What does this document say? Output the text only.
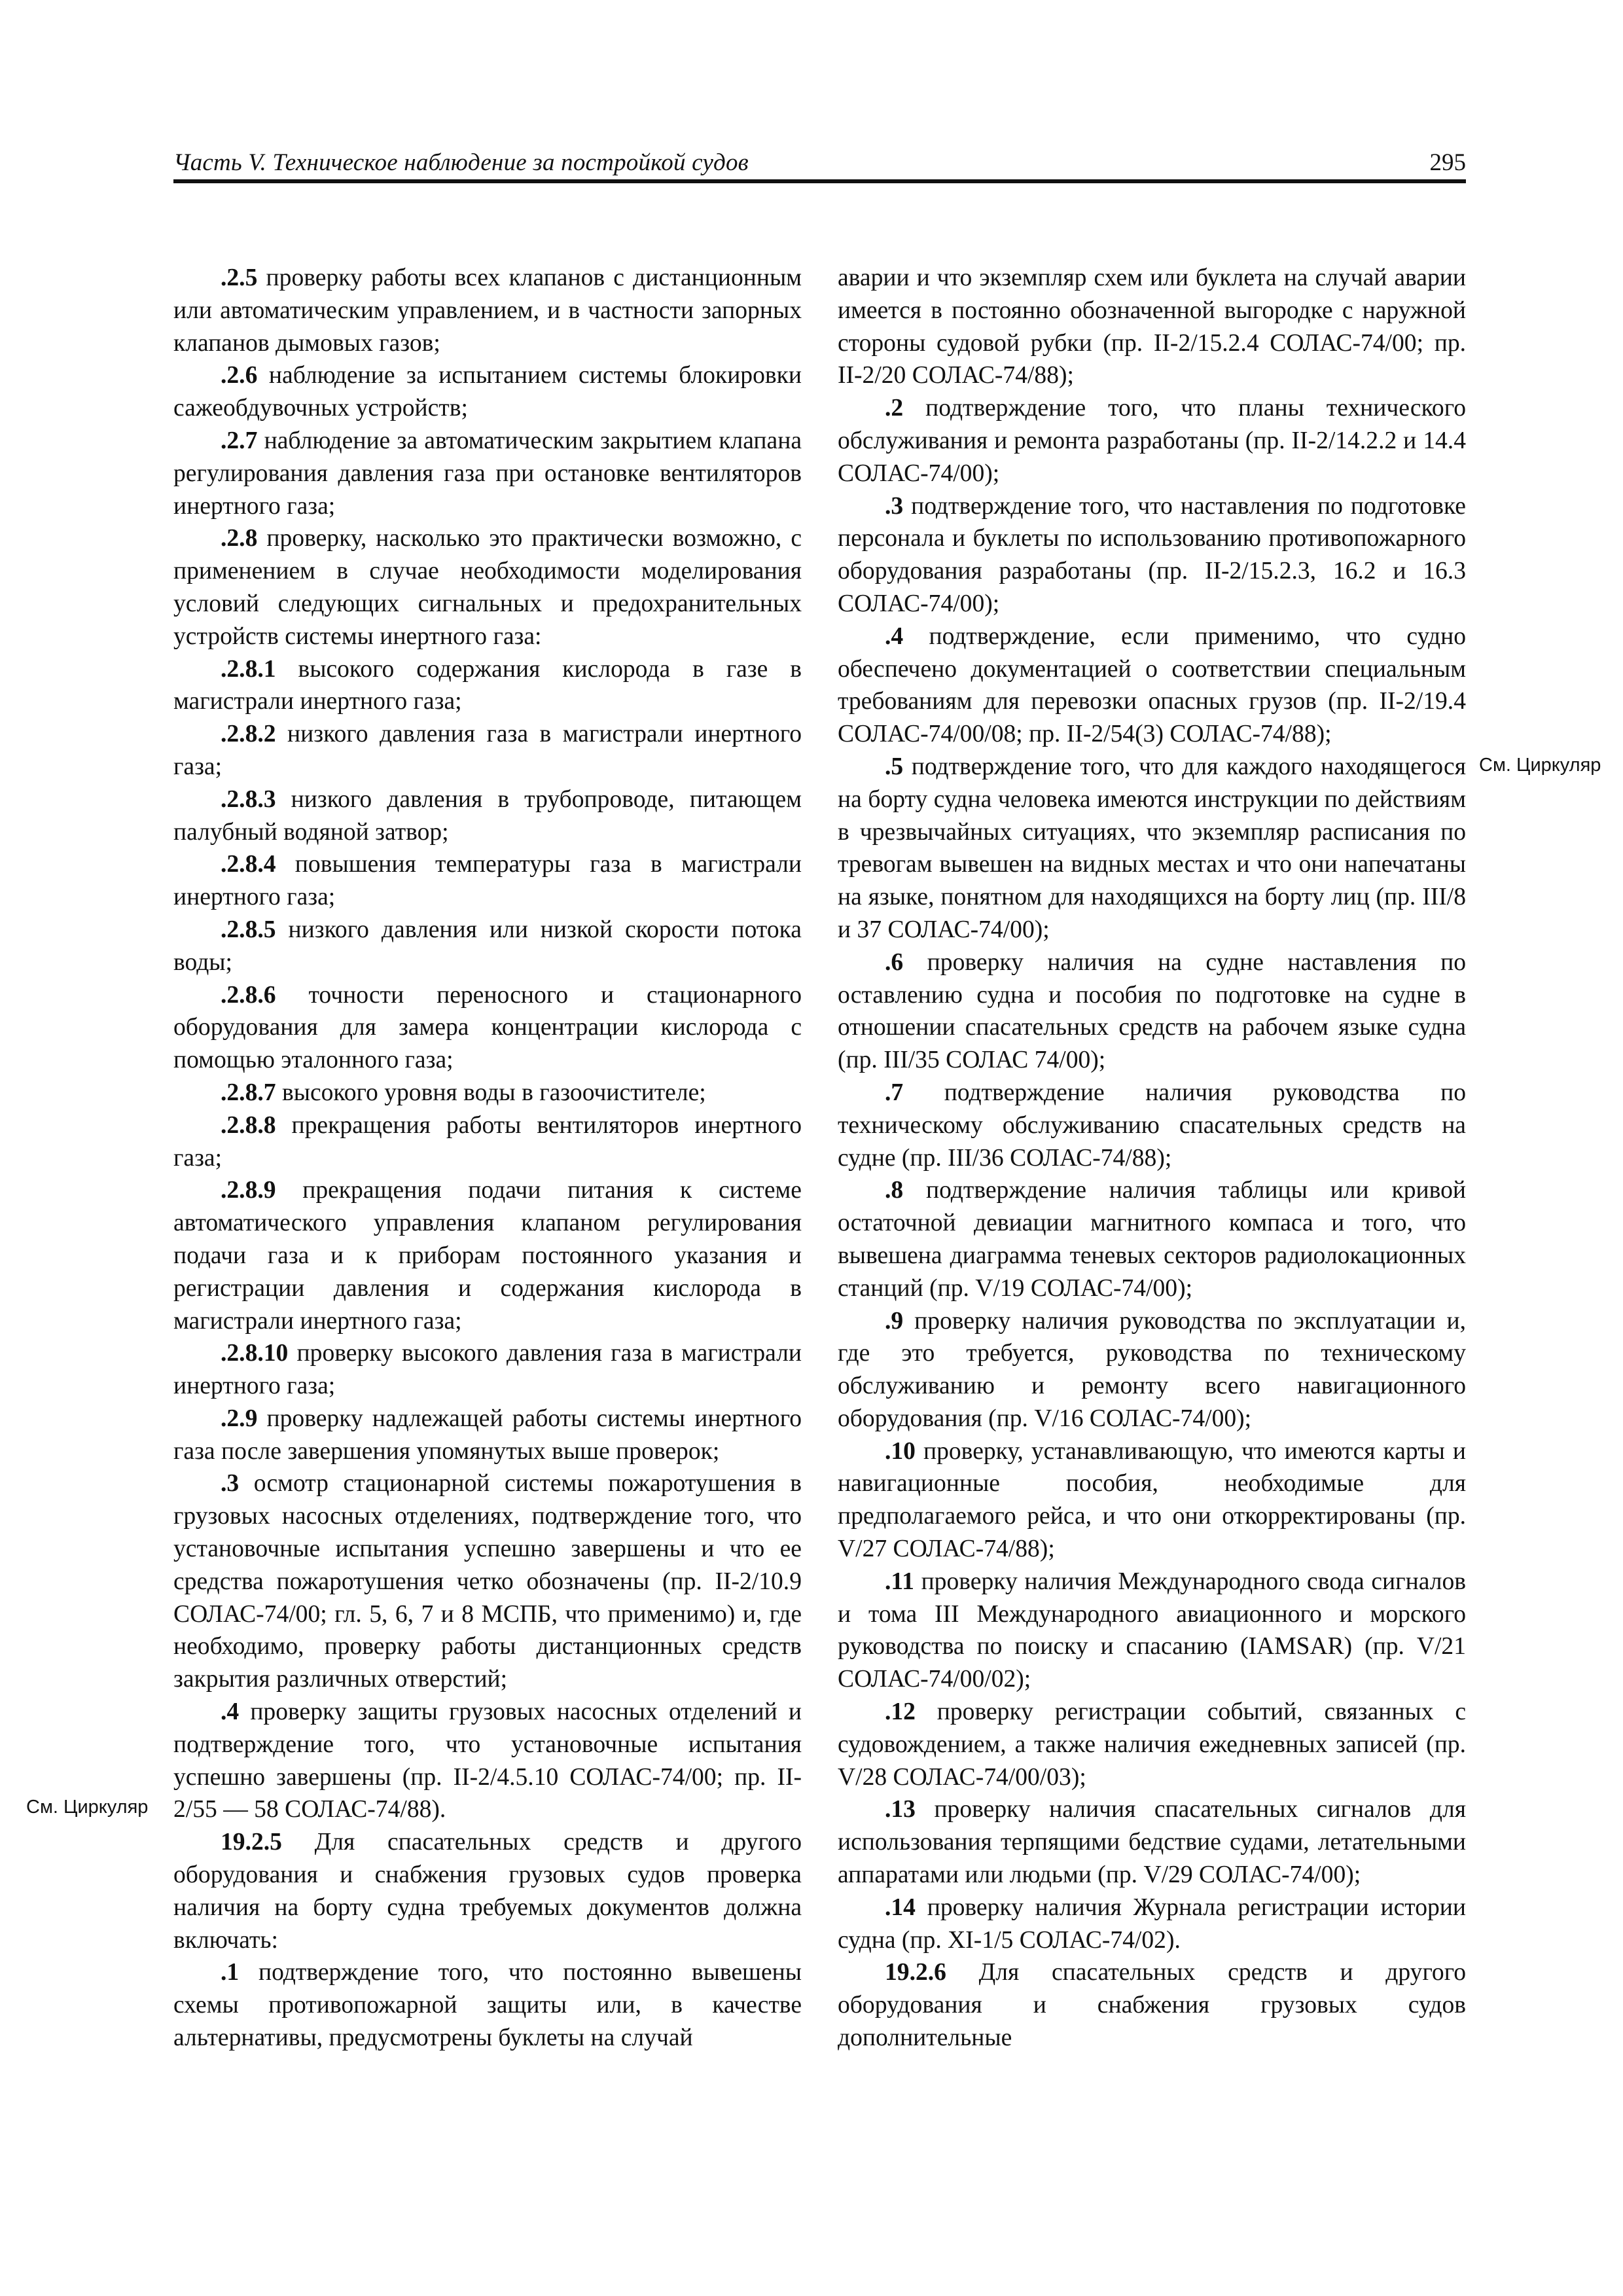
Часть V. Техническое наблюдение за постройкой судов	295

.2.5 проверку работы всех клапанов с дистанционным или автоматическим управлением, и в частности запорных клапанов дымовых газов;

.2.6 наблюдение за испытанием системы блокировки сажеобдувочных устройств;

.2.7 наблюдение за автоматическим закрытием клапана регулирования давления газа при остановке вентиляторов инертного газа;

.2.8 проверку, насколько это практически возможно, с применением в случае необходимости моделирования условий следующих сигнальных и предохранительных устройств системы инертного газа:

.2.8.1 высокого содержания кислорода в газе в магистрали инертного газа;

.2.8.2 низкого давления газа в магистрали инертного газа;

.2.8.3 низкого давления в трубопроводе, питающем палубный водяной затвор;

.2.8.4 повышения температуры газа в магистрали инертного газа;

.2.8.5 низкого давления или низкой скорости потока воды;

.2.8.6 точности переносного и стационарного оборудования для замера концентрации кислорода с помощью эталонного газа;

.2.8.7 высокого уровня воды в газоочистителе;

.2.8.8 прекращения работы вентиляторов инертного газа;

.2.8.9 прекращения подачи питания к системе автоматического управления клапаном регулирования подачи газа и к приборам постоянного указания и регистрации давления и содержания кислорода в магистрали инертного газа;

.2.8.10 проверку высокого давления газа в магистрали инертного газа;

.2.9 проверку надлежащей работы системы инертного газа после завершения упомянутых выше проверок;

.3 осмотр стационарной системы пожаротушения в грузовых насосных отделениях, подтверждение того, что установочные испытания успешно завершены и что ее средства пожаротушения четко обозначены (пр. II-2/10.9 СОЛАС-74/00; гл. 5, 6, 7 и 8 МСПБ, что применимо) и, где необходимо, проверку работы дистанционных средств закрытия различных отверстий;

.4 проверку защиты грузовых насосных отделений и подтверждение того, что установочные испытания успешно завершены (пр. II-2/4.5.10 СОЛАС-74/00; пр. II-2/55 — 58 СОЛАС-74/88).

19.2.5 Для спасательных средств и другого оборудования и снабжения грузовых судов проверка наличия на борту судна требуемых документов должна включать:

.1 подтверждение того, что постоянно вывешены схемы противопожарной защиты или, в качестве альтернативы, предусмотрены буклеты на случай

аварии и что экземпляр схем или буклета на случай аварии имеется в постоянно обозначенной выгородке с наружной стороны судовой рубки (пр. II-2/15.2.4 СОЛАС-74/00; пр. II-2/20 СОЛАС-74/88);

.2 подтверждение того, что планы технического обслуживания и ремонта разработаны (пр. II-2/14.2.2 и 14.4 СОЛАС-74/00);

.3 подтверждение того, что наставления по подготовке персонала и буклеты по использованию противопожарного оборудования разработаны (пр. II-2/15.2.3, 16.2 и 16.3 СОЛАС-74/00);

.4 подтверждение, если применимо, что судно обеспечено документацией о соответствии специальным требованиям для перевозки опасных грузов (пр. II-2/19.4 СОЛАС-74/00/08; пр. II-2/54(3) СОЛАС-74/88);

.5 подтверждение того, что для каждого находящегося на борту судна человека имеются инструкции по действиям в чрезвычайных ситуациях, что экземпляр расписания по тревогам вывешен на видных местах и что они напечатаны на языке, понятном для находящихся на борту лиц (пр. III/8 и 37 СОЛАС-74/00);

.6 проверку наличия на судне наставления по оставлению судна и пособия по подготовке на судне в отношении спасательных средств на рабочем языке судна (пр. III/35 СОЛАС 74/00);

.7 подтверждение наличия руководства по техническому обслуживанию спасательных средств на судне (пр. III/36 СОЛАС-74/88);

.8 подтверждение наличия таблицы или кривой остаточной девиации магнитного компаса и того, что вывешена диаграмма теневых секторов радиолокационных станций (пр. V/19 СОЛАС-74/00);

.9 проверку наличия руководства по эксплуатации и, где это требуется, руководства по техническому обслуживанию и ремонту всего навигационного оборудования (пр. V/16 СОЛАС-74/00);

.10 проверку, устанавливающую, что имеются карты и навигационные пособия, необходимые для предполагаемого рейса, и что они откорректированы (пр. V/27 СОЛАС-74/88);

.11 проверку наличия Международного свода сигналов и тома III Международного авиационного и морского руководства по поиску и спасанию (IAMSAR) (пр. V/21 СОЛАС-74/00/02);

.12 проверку регистрации событий, связанных с судовождением, а также наличия ежедневных записей (пр. V/28 СОЛАС-74/00/03);

.13 проверку наличия спасательных сигналов для использования терпящими бедствие судами, летательными аппаратами или людьми (пр. V/29 СОЛАС-74/00);

.14 проверку наличия Журнала регистрации истории судна (пр. XI-1/5 СОЛАС-74/02).

19.2.6 Для спасательных средств и другого оборудования и снабжения грузовых судов дополнительные

См. Циркуляр
См. Циркуляр
